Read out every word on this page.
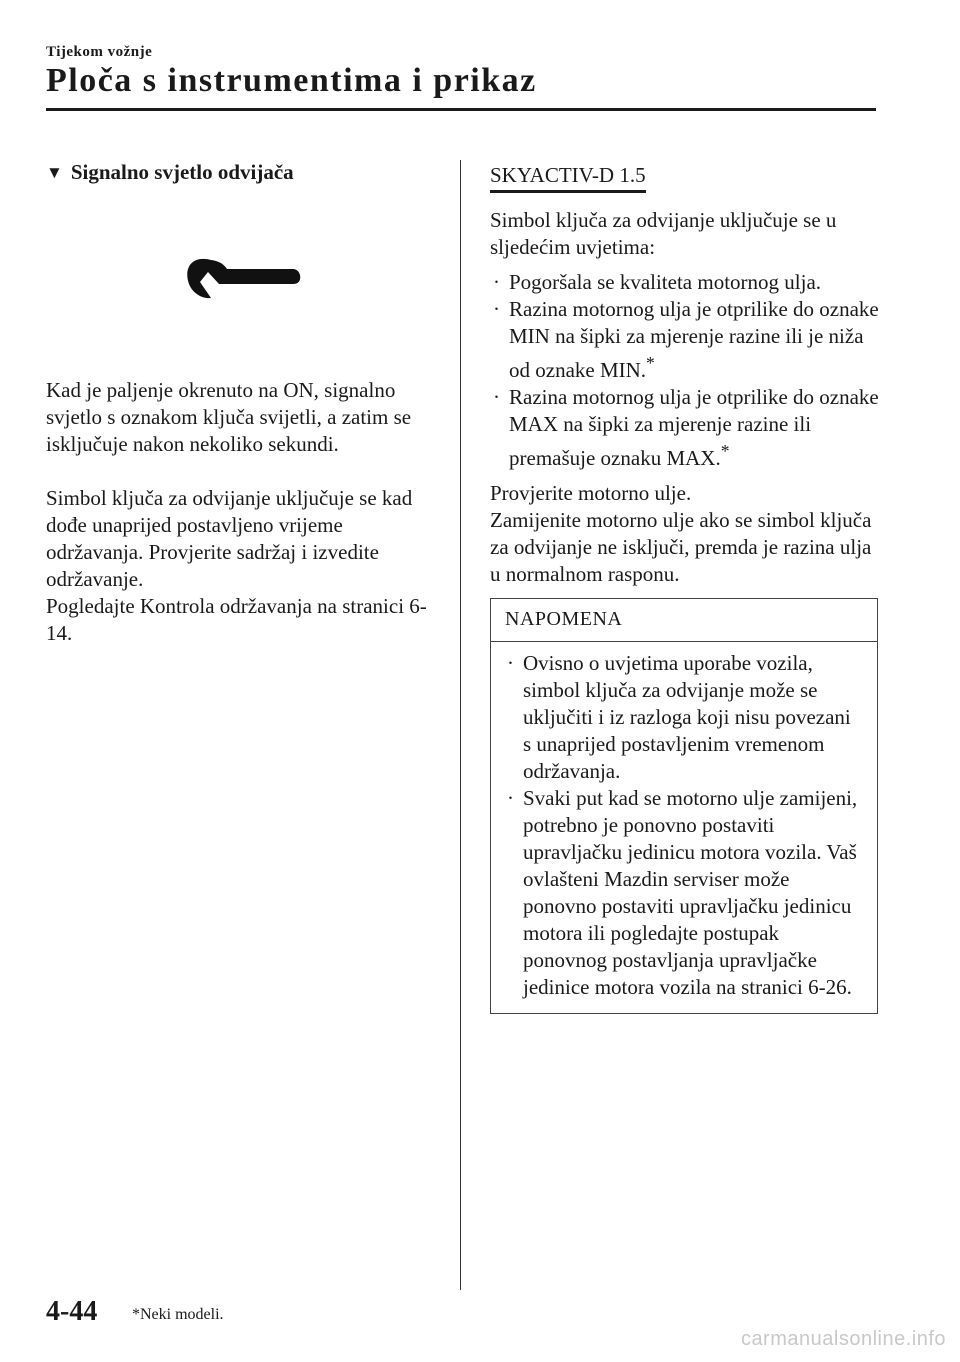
Tijekom vožnje
Ploča s instrumentima i prikaz
▼ Signalno svjetlo odvijača

Kad je paljenje okrenuto na ON, signalno svjetlo s oznakom ključa svijetli, a zatim se isključuje nakon nekoliko sekundi.

Simbol ključa za odvijanje uključuje se kad dođe unaprijed postavljeno vrijeme održavanja. Provjerite sadržaj i izvedite održavanje.

Pogledajte Kontrola održavanja na stranici 6-14.

SKYACTIV-D 1.5

Simbol ključa za odvijanje uključuje se u sljedećim uvjetima:

· Pogoršala se kvaliteta motornog ulja.
· Razina motornog ulja je otprilike do oznake MIN na šipki za mjerenje razine ili je niža od oznake MIN.*
· Razina motornog ulja je otprilike do oznake MAX na šipki za mjerenje razine ili premašuje oznaku MAX.*

Provjerite motorno ulje.

Zamijenite motorno ulje ako se simbol ključa za odvijanje ne isključi, premda je razina ulja u normalnom rasponu.

NAPOMENA
· Ovisno o uvjetima uporabe vozila, simbol ključa za odvijanje može se uključiti i iz razloga koji nisu povezani s unaprijed postavljenim vremenom održavanja.
· Svaki put kad se motorno ulje zamijeni, potrebno je ponovno postaviti upravljačku jedinicu motora vozila. Vaš ovlašteni Mazdin serviser može ponovno postaviti upravljačku jedinicu motora ili pogledajte postupak ponovnog postavljanja upravljačke jedinice motora vozila na stranici 6-26.
4-44 *Neki modeli.
carmanualsonline.info
